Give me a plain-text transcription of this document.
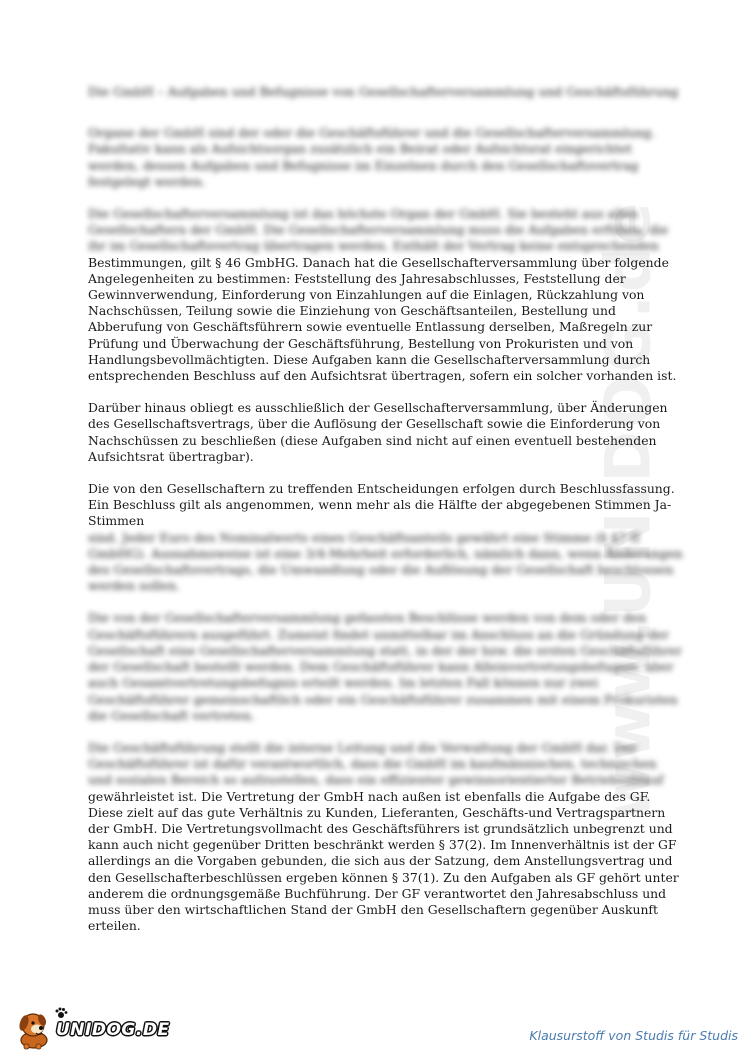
www.UNIDOG.de

Die GmbH – Aufgaben und Befugnisse von Gesellschafterversammlung und Geschäftsführung

Organe der GmbH sind der oder die Geschäftsführer und die Gesellschafterversammlung. Fakultativ kann als Aufsichtsorgan zusätzlich ein Beirat oder Aufsichtsrat eingerichtet werden, dessen Aufgaben und Befugnisse im Einzelnen durch den Gesellschaftsvertrag festgelegt werden.

Die Gesellschafterversammlung ist das höchste Organ der GmbH. Sie besteht aus allen Gesellschaftern der GmbH. Die Gesellschafterversammlung muss die Aufgaben erfüllen, die ihr im Gesellschaftsvertrag übertragen werden. Enthält der Vertrag keine entsprechenden
Bestimmungen, gilt § 46 GmbHG. Danach hat die Gesellschafterversammlung über folgende Angelegenheiten zu bestimmen: Feststellung des Jahresabschlusses, Feststellung der Gewinnverwendung, Einforderung von Einzahlungen auf die Einlagen, Rückzahlung von Nachschüssen, Teilung sowie die Einziehung von Geschäftsanteilen, Bestellung und Abberufung von Geschäftsführern sowie eventuelle Entlassung derselben, Maßregeln zur Prüfung und Überwachung der Geschäftsführung, Bestellung von Prokuristen und von Handlungsbevollmächtigten. Diese Aufgaben kann die Gesellschafterversammlung durch entsprechenden Beschluss auf den Aufsichtsrat übertragen, sofern ein solcher vorhanden ist.

Darüber hinaus obliegt es ausschließlich der Gesellschafterversammlung, über Änderungen des Gesellschaftsvertrags, über die Auflösung der Gesellschaft sowie die Einforderung von Nachschüssen zu beschließen (diese Aufgaben sind nicht auf einen eventuell bestehenden Aufsichtsrat übertragbar).

Die von den Gesellschaftern zu treffenden Entscheidungen erfolgen durch Beschlussfassung. Ein Beschluss gilt als angenommen, wenn mehr als die Hälfte der abgegebenen Stimmen Ja-Stimmen
sind. Jeder Euro des Nominalwerts eines Geschäftsanteils gewährt eine Stimme (§ 47 II GmbHG). Ausnahmsweise ist eine 3/4-Mehrheit erforderlich, nämlich dann, wenn Änderungen des Gesellschaftsvertrags, die Umwandlung oder die Auflösung der Gesellschaft beschlossen werden sollen.

Die von der Gesellschafterversammlung gefassten Beschlüsse werden von dem oder den Geschäftsführern ausgeführt. Zumeist findet unmittelbar im Anschluss an die Gründung der Gesellschaft eine Gesellschafterversammlung statt, in der der bzw. die ersten Geschäftsführer der Gesellschaft bestellt werden. Dem Geschäftsführer kann Alleinvertretungsbefugnis, aber auch Gesamtvertretungsbefugnis erteilt werden. Im letzten Fall können nur zwei Geschäftsführer gemeinschaftlich oder ein Geschäftsführer zusammen mit einem Prokuristen die Gesellschaft vertreten.

Die Geschäftsführung stellt die interne Leitung und die Verwaltung der GmbH dar. Der Geschäftsführer ist dafür verantwortlich, dass die GmbH im kaufmännischen, technischen und sozialen Bereich so aufzustellen, dass ein effizienter gewinnorientierter Betriebsablauf
gewährleistet ist. Die Vertretung der GmbH nach außen ist ebenfalls die Aufgabe des GF. Diese zielt auf das gute Verhältnis zu Kunden, Lieferanten, Geschäfts-und Vertragspartnern der GmbH. Die Vertretungsvollmacht des Geschäftsführers ist grundsätzlich unbegrenzt und kann auch nicht gegenüber Dritten beschränkt werden § 37(2). Im Innenverhältnis ist der GF allerdings an die Vorgaben gebunden, die sich aus der Satzung, dem Anstellungsvertrag und den Gesellschafterbeschlüssen ergeben können § 37(1). Zu den Aufgaben als GF gehört unter anderem die ordnungsgemäße Buchführung. Der GF verantwortet den Jahresabschluss und muss über den wirtschaftlichen Stand der GmbH den Gesellschaftern gegenüber Auskunft erteilen.
UNIDOG.DE	Klausurstoff von Studis für Studis
